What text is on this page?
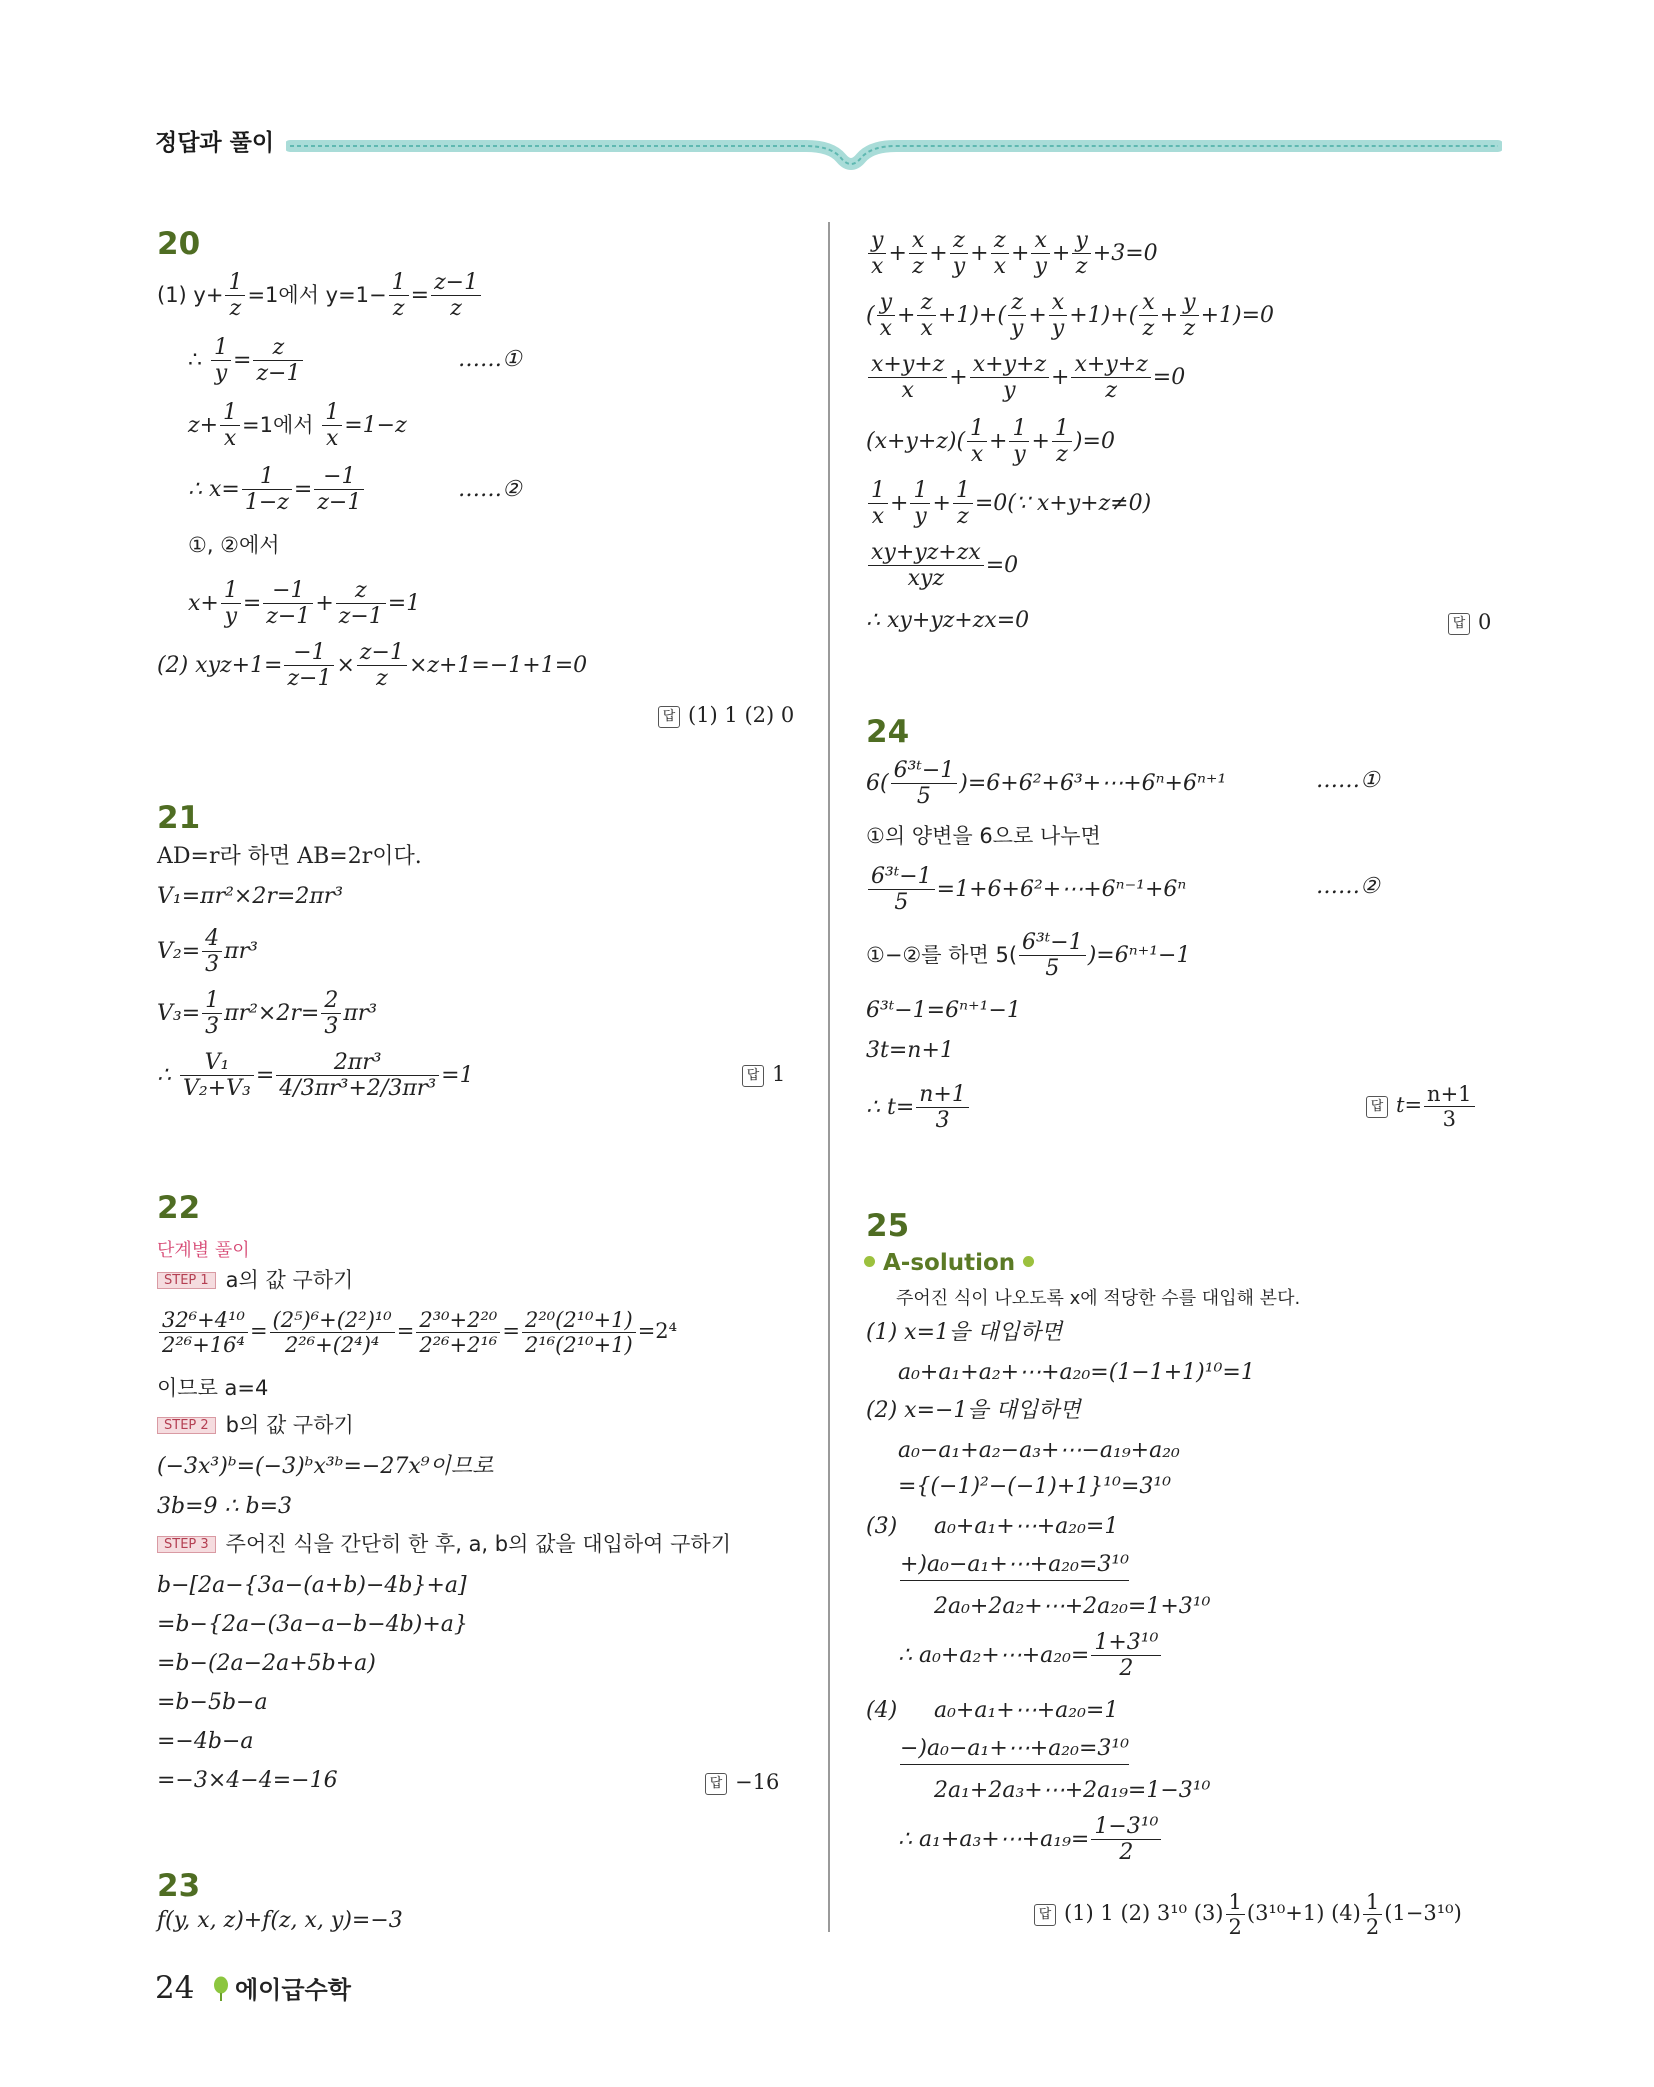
정답과 풀이
20
(1) $y+ \frac{1}{z} =1$에서 $y=1- \frac{1}{z} = \frac{z-1}{z}$
∴ $\frac{1}{y} = \frac{z}{z-1}$	……①
$z+ \frac{1}{x} =1$에서 $\frac{1}{x} =1-z$
∴ $x= \frac{1}{1-z} = \frac{-1}{z-1}$	……②
①, ②에서
$x+ \frac{1}{y} = \frac{-1}{z-1} + \frac{z}{z-1} =1$
(2) $xyz+1= \frac{-1}{z-1} \times \frac{z-1}{z} \times z+1=-1+1=0$
답 (1) 1 (2) 0
21
AD=r라 하면 AB=2r이다.
V₁=πr²×2r=2πr³
$V_2= \frac{4}{3} \pi r^3$
$V_3= \frac{1}{3} \pi r^2\times 2r= \frac{2}{3} \pi r^3$
∴ $\frac{\text{V₁}}{\text{V₂+V₃}} = \frac{\text{2πr³}}{\text{4/3πr³+2/3πr³}} =1$	답 1
22
단계별 풀이
STEP 1 a의 값 구하기
$\frac{\text{32⁶+4¹⁰}}{\text{2²⁶+16⁴}} = \frac{\text{(2⁵)⁶+(2²)¹⁰}}{\text{2²⁶+(2⁴)⁴}} = \frac{\text{2³⁰+2²⁰}}{\text{2²⁶+2¹⁶}} = \frac{\text{2²⁰(2¹⁰+1)}}{\text{2¹⁶(2¹⁰+1)}} =2^4$
이므로 a=4
STEP 2 b의 값 구하기
(−3x³)ᵇ=(−3)ᵇx³ᵇ=−27x⁹이므로
3b=9 ∴ b=3
STEP 3 주어진 식을 간단히 한 후, a, b의 값을 대입하여 구하기
b−[2a−{3a−(a+b)−4b}+a]
=b−{2a−(3a−a−b−4b)+a}
=b−(2a−2a+5b+a)
=b−5b−a
=−4b−a
=−3×4−4=−16	답 −16
23
f(y, x, z)+f(z, x, y)=−3
$\frac{y}{x} + \frac{x}{z} + \frac{z}{y} + \frac{z}{x} + \frac{x}{y} + \frac{y}{z} +3=0$
( $\frac{y}{x} + \frac{z}{x} +1)+( \frac{z}{y} + \frac{x}{y} +1)+( \frac{x}{z} + \frac{y}{z} +1)=0$
$\frac{x+y+z}{x} + \frac{x+y+z}{y} + \frac{x+y+z}{z} =0$
$(x+y+z)( \frac{1}{x} + \frac{1}{y} + \frac{1}{z} )=0$
$\frac{1}{x} + \frac{1}{y} + \frac{1}{z}$ =0(∵ x+y+z≠0)
$\frac{xy+yz+zx}{\text{xyz}} =0$
∴ xy+yz+zx=0	답 0
24
$6( \frac{\text{6³ᵗ−1}}{5}$ )=6+6²+6³+⋯+6ⁿ+6ⁿ⁺¹	……①
①의 양변을 6으로 나누면
$\frac{\text{6³ᵗ−1}}{5}$ =1+6+6²+⋯+6ⁿ⁻¹+6ⁿ	……②
①−②를 하면 $5( \frac{\text{6³ᵗ−1}}{5} )=6^{n+1}-1$
6³ᵗ−1=6ⁿ⁺¹−1
3t=n+1
∴ $t= \frac{n+1}{3}$	답 $t= \frac{n+1}{3}$
25
A-solution
주어진 식이 나오도록 x에 적당한 수를 대입해 본다.
(1) x=1을 대입하면
a₀+a₁+a₂+⋯+a₂₀=(1−1+1)¹⁰=1
(2) x=−1을 대입하면
a₀−a₁+a₂−a₃+⋯−a₁₉+a₂₀
={(−1)²−(−1)+1}¹⁰=3¹⁰
(3) a₀+a₁+⋯+a₂₀=1
+)a₀−a₁+⋯+a₂₀=3¹⁰
2a₀+2a₂+⋯+2a₂₀=1+3¹⁰
∴ a₀+a₂+⋯+a₂₀= $\frac{\text{1+3¹⁰}}{2}$
(4) a₀+a₁+⋯+a₂₀=1
−)a₀−a₁+⋯+a₂₀=3¹⁰
2a₁+2a₃+⋯+2a₁₉=1−3¹⁰
∴ a₁+a₃+⋯+a₁₉= $\frac{\text{1−3¹⁰}}{2}$
답 (1) 1 (2) 3¹⁰ $(3) \frac{1}{2} (3^{10}+1)$ $(4) \frac{1}{2} (1-3^{10})$
24	에이급수학
